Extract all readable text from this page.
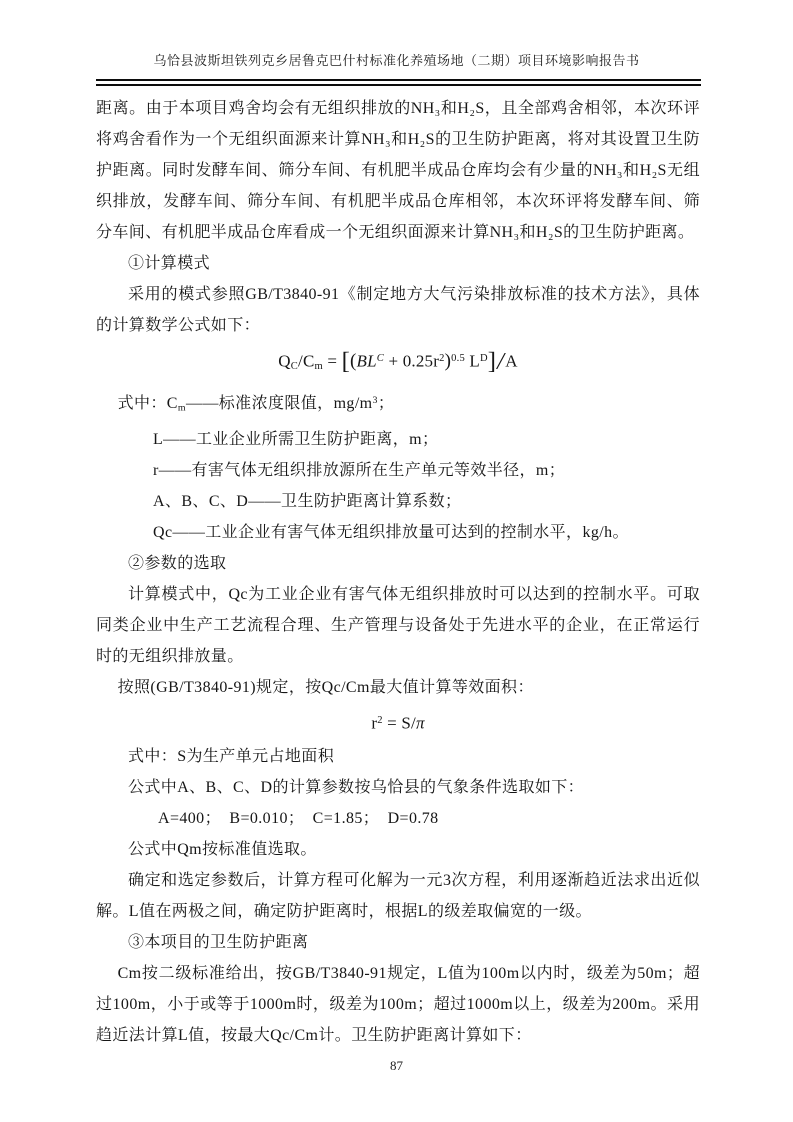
乌恰县波斯坦铁列克乡居鲁克巴什村标准化养殖场地（二期）项目环境影响报告书

距离。由于本项目鸡舍均会有无组织排放的NH₃和H₂S，且全部鸡舍相邻，本次环评将鸡舍看作为一个无组织面源来计算NH₃和H₂S的卫生防护距离，将对其设置卫生防护距离。同时发酵车间、筛分车间、有机肥半成品仓库均会有少量的NH₃和H₂S无组织排放，发酵车间、筛分车间、有机肥半成品仓库相邻，本次环评将发酵车间、筛分车间、有机肥半成品仓库看成一个无组织面源来计算NH₃和H₂S的卫生防护距离。

①计算模式

采用的模式参照GB/T3840-91《制定地方大气污染排放标准的技术方法》，具体的计算数学公式如下：

$QC/Cm = [(BL^C + 0.25r^2)^{0.5}$ $L^D]/A$

式中：Cm——标准浓度限值，$mg/m^3$；

L——工业企业所需卫生防护距离，m；

r——有害气体无组织排放源所在生产单元等效半径，m；

A、B、C、D——卫生防护距离计算系数；

Qc——工业企业有害气体无组织排放量可达到的控制水平，kg/h。

②参数的选取

计算模式中，Qc为工业企业有害气体无组织排放时可以达到的控制水平。可取同类企业中生产工艺流程合理、生产管理与设备处于先进水平的企业，在正常运行时的无组织排放量。

按照(GB/T3840-91)规定，按Qc/Cm最大值计算等效面积：

$r^2 = S/\pi$

式中：S为生产单元占地面积

公式中A、B、C、D的计算参数按乌恰县的气象条件选取如下：

A=400；　B=0.010；　C=1.85；　D=0.78

公式中Qm按标准值选取。

确定和选定参数后，计算方程可化解为一元3次方程，利用逐渐趋近法求出近似解。L值在两极之间，确定防护距离时，根据L的级差取偏宽的一级。

③本项目的卫生防护距离

Cm按二级标准给出，按GB/T3840-91规定，L值为100m以内时，级差为50m；超过100m，小于或等于1000m时，级差为100m；超过1000m以上，级差为200m。采用趋近法计算L值，按最大Qc/Cm计。卫生防护距离计算如下：

87
